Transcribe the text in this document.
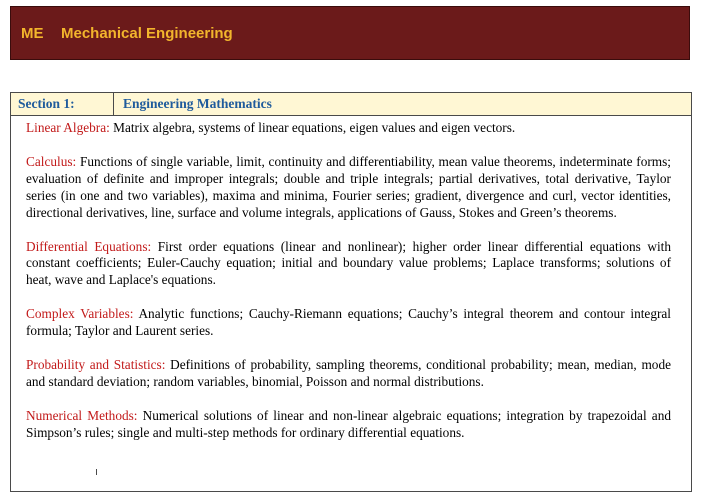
ME	Mechanical Engineering
Section 1:	Engineering Mathematics

Linear Algebra: Matrix algebra, systems of linear equations, eigen values and eigen vectors.

Calculus: Functions of single variable, limit, continuity and differentiability, mean value theorems, indeterminate forms; evaluation of definite and improper integrals; double and triple integrals; partial derivatives, total derivative, Taylor series (in one and two variables), maxima and minima, Fourier series; gradient, divergence and curl, vector identities, directional derivatives, line, surface and volume integrals, applications of Gauss, Stokes and Green’s theorems.

Differential Equations: First order equations (linear and nonlinear); higher order linear differential equations with constant coefficients; Euler-Cauchy equation; initial and boundary value problems; Laplace transforms; solutions of heat, wave and Laplace's equations.

Complex Variables: Analytic functions; Cauchy-Riemann equations; Cauchy’s integral theorem and contour integral formula; Taylor and Laurent series.

Probability and Statistics: Definitions of probability, sampling theorems, conditional probability; mean, median, mode and standard deviation; random variables, binomial, Poisson and normal distributions.

Numerical Methods: Numerical solutions of linear and non-linear algebraic equations; integration by trapezoidal and Simpson’s rules; single and multi-step methods for ordinary differential equations.
